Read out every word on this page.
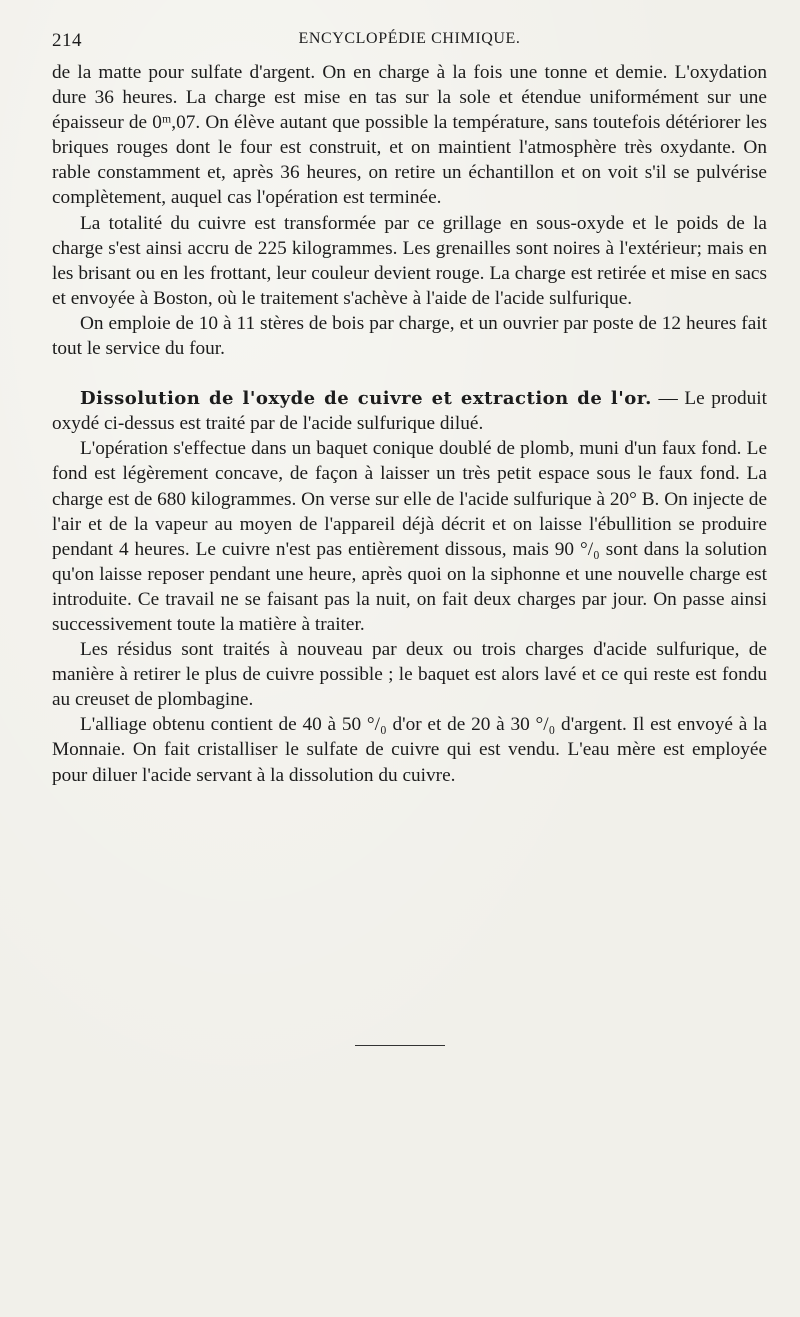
214	ENCYCLOPÉDIE CHIMIQUE.

de la matte pour sulfate d'argent. On en charge à la fois une tonne et demie. L'oxydation dure 36 heures. La charge est mise en tas sur la sole et étendue uniformément sur une épaisseur de 0ᵐ,07. On élève autant que possible la température, sans toutefois détériorer les briques rouges dont le four est construit, et on maintient l'atmosphère très oxydante. On rable constamment et, après 36 heures, on retire un échantillon et on voit s'il se pulvérise complètement, auquel cas l'opération est terminée.

La totalité du cuivre est transformée par ce grillage en sous-oxyde et le poids de la charge s'est ainsi accru de 225 kilogrammes. Les grenailles sont noires à l'extérieur; mais en les brisant ou en les frottant, leur couleur devient rouge. La charge est retirée et mise en sacs et envoyée à Boston, où le traitement s'achève à l'aide de l'acide sulfurique.

On emploie de 10 à 11 stères de bois par charge, et un ouvrier par poste de 12 heures fait tout le service du four.

Dissolution de l'oxyde de cuivre et extraction de l'or. — Le produit oxydé ci-dessus est traité par de l'acide sulfurique dilué.

L'opération s'effectue dans un baquet conique doublé de plomb, muni d'un faux fond. Le fond est légèrement concave, de façon à laisser un très petit espace sous le faux fond. La charge est de 680 kilogrammes. On verse sur elle de l'acide sulfurique à 20° B. On injecte de l'air et de la vapeur au moyen de l'appareil déjà décrit et on laisse l'ébullition se produire pendant 4 heures. Le cuivre n'est pas entièrement dissous, mais 90 °/₀ sont dans la solution qu'on laisse reposer pendant une heure, après quoi on la siphonne et une nouvelle charge est introduite. Ce travail ne se faisant pas la nuit, on fait deux charges par jour. On passe ainsi successivement toute la matière à traiter.

Les résidus sont traités à nouveau par deux ou trois charges d'acide sulfurique, de manière à retirer le plus de cuivre possible ; le baquet est alors lavé et ce qui reste est fondu au creuset de plombagine.

L'alliage obtenu contient de 40 à 50 °/₀ d'or et de 20 à 30 °/₀ d'argent. Il est envoyé à la Monnaie. On fait cristalliser le sulfate de cuivre qui est vendu. L'eau mère est employée pour diluer l'acide servant à la dissolution du cuivre.
